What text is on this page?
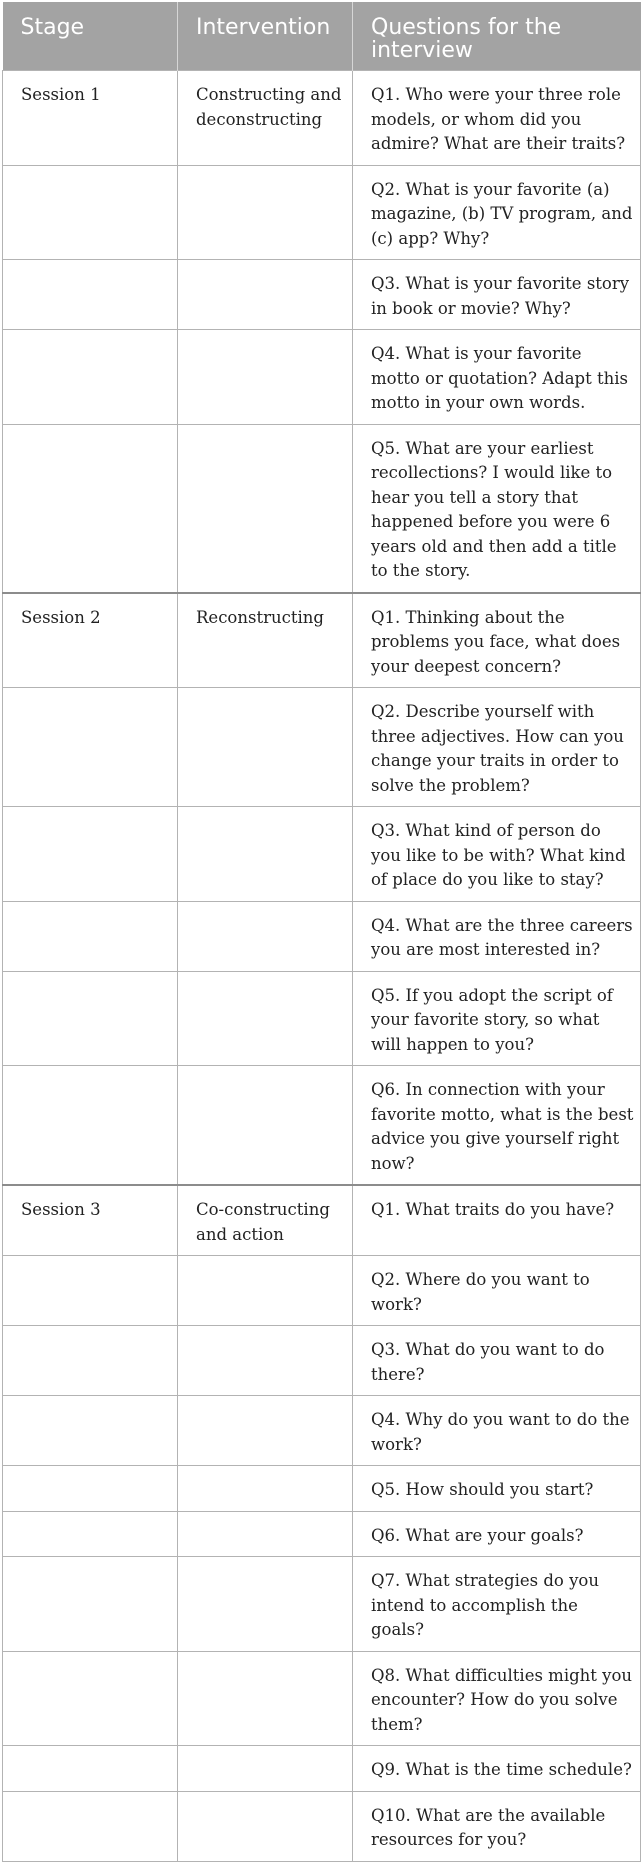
Stage	Intervention	Questions for the interview
Session 1	Constructing and deconstructing	Q1. Who were your three role models, or whom did you admire? What are their traits?
		Q2. What is your favorite (a) magazine, (b) TV program, and (c) app? Why?
		Q3. What is your favorite story in book or movie? Why?
		Q4. What is your favorite motto or quotation? Adapt this motto in your own words.
		Q5. What are your earliest recollections? I would like to hear you tell a story that happened before you were 6 years old and then add a title to the story.
Session 2	Reconstructing	Q1. Thinking about the problems you face, what does your deepest concern?
		Q2. Describe yourself with three adjectives. How can you change your traits in order to solve the problem?
		Q3. What kind of person do you like to be with? What kind of place do you like to stay?
		Q4. What are the three careers you are most interested in?
		Q5. If you adopt the script of your favorite story, so what will happen to you?
		Q6. In connection with your favorite motto, what is the best advice you give yourself right now?
Session 3	Co-constructing and action	Q1. What traits do you have?
		Q2. Where do you want to work?
		Q3. What do you want to do there?
		Q4. Why do you want to do the work?
		Q5. How should you start?
		Q6. What are your goals?
		Q7. What strategies do you intend to accomplish the goals?
		Q8. What difficulties might you encounter? How do you solve them?
		Q9. What is the time schedule?
		Q10. What are the available resources for you?
